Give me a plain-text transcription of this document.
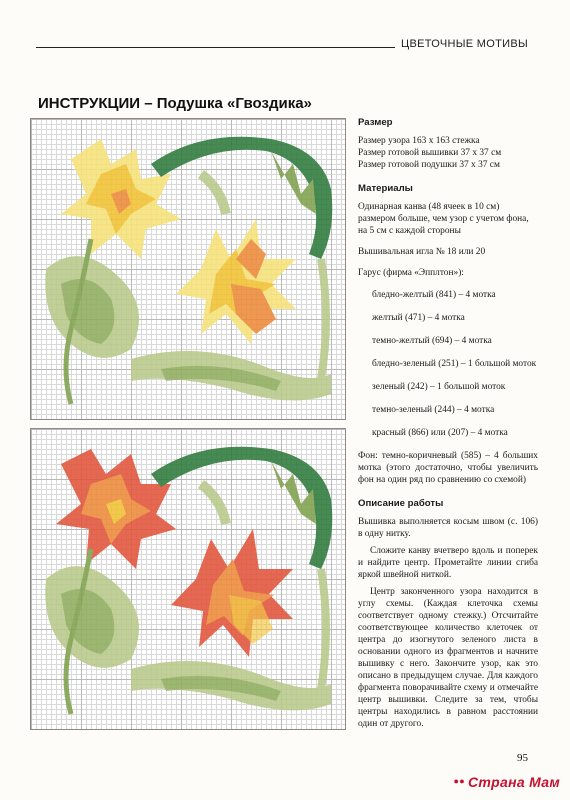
ЦВЕТОЧНЫЕ МОТИВЫ
ИНСТРУКЦИИ – Подушка «Гвоздика»
Размер

Размер узора 163 х 163 стежка

Размер готовой вышивки 37 х 37 см

Размер готовой подушки 37 х 37 см

Материалы

Одинарная канва (48 ячеек в 10 см) размером больше, чем узор с учетом фона, на 5 см с каждой стороны

Вышивальная игла № 18 или 20

Гарус (фирма «Эпплтон»):

бледно-желтый (841) – 4 мотка
желтый (471) – 4 мотка
темно-желтый (694) – 4 мотка
бледно-зеленый (251) – 1 большой моток
зеленый (242) – 1 большой моток
темно-зеленый (244) – 4 мотка
красный (866) или (207) – 4 мотка

Фон: темно-коричневый (585) – 4 больших мотка (этого достаточно, чтобы увеличить фон на один ряд по сравнению со схемой)

Описание работы

Вышивка выполняется косым швом (с. 106) в одну нитку.

Сложите канву вчетверо вдоль и поперек и найдите центр. Прометайте линии сгиба яркой швейной ниткой.

Центр законченного узора находится в углу схемы. (Каждая клеточка схемы соответствует одному стежку.) Отсчитайте соответствующее количество клеточек от центра до изогнутого зеленого листа в основании одного из фрагментов и начните вышивку с него. Закончите узор, как это описано в предыдущем случае. Для каждого фрагмента поворачивайте схему и отмечайте центр вышивки. Следите за тем, чтобы центры находились в равном расстоянии один от другого.

95
●● Страна Мам
